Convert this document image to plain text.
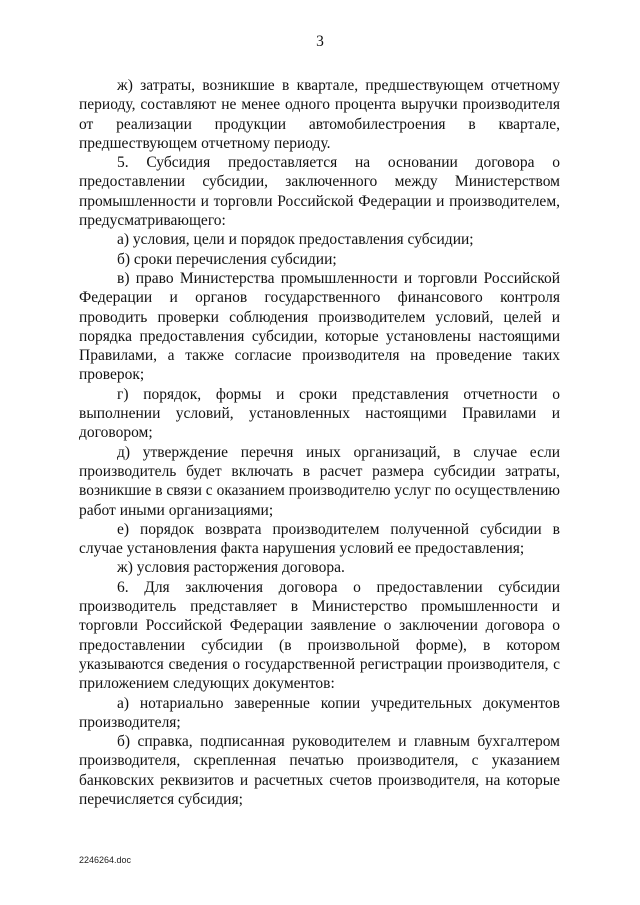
3

ж) затраты, возникшие в квартале, предшествующем отчетному периоду, составляют не менее одного процента выручки производителя от реализации продукции автомобилестроения в квартале, предшествующем отчетному периоду.

5. Субсидия предоставляется на основании договора о предоставлении субсидии, заключенного между Министерством промышленности и торговли Российской Федерации и производителем, предусматривающего:

а) условия, цели и порядок предоставления субсидии;

б) сроки перечисления субсидии;

в) право Министерства промышленности и торговли Российской Федерации и органов государственного финансового контроля проводить проверки соблюдения производителем условий, целей и порядка предоставления субсидии, которые установлены настоящими Правилами, а также согласие производителя на проведение таких проверок;

г) порядок, формы и сроки представления отчетности о выполнении условий, установленных настоящими Правилами и договором;

д) утверждение перечня иных организаций, в случае если производитель будет включать в расчет размера субсидии затраты, возникшие в связи с оказанием производителю услуг по осуществлению работ иными организациями;

е) порядок возврата производителем полученной субсидии в случае установления факта нарушения условий ее предоставления;

ж) условия расторжения договора.

6. Для заключения договора о предоставлении субсидии производитель представляет в Министерство промышленности и торговли Российской Федерации заявление о заключении договора о предоставлении субсидии (в произвольной форме), в котором указываются сведения о государственной регистрации производителя, с приложением следующих документов:

а) нотариально заверенные копии учредительных документов производителя;

б) справка, подписанная руководителем и главным бухгалтером производителя, скрепленная печатью производителя, с указанием банковских реквизитов и расчетных счетов производителя, на которые перечисляется субсидия;

2246264.doc
